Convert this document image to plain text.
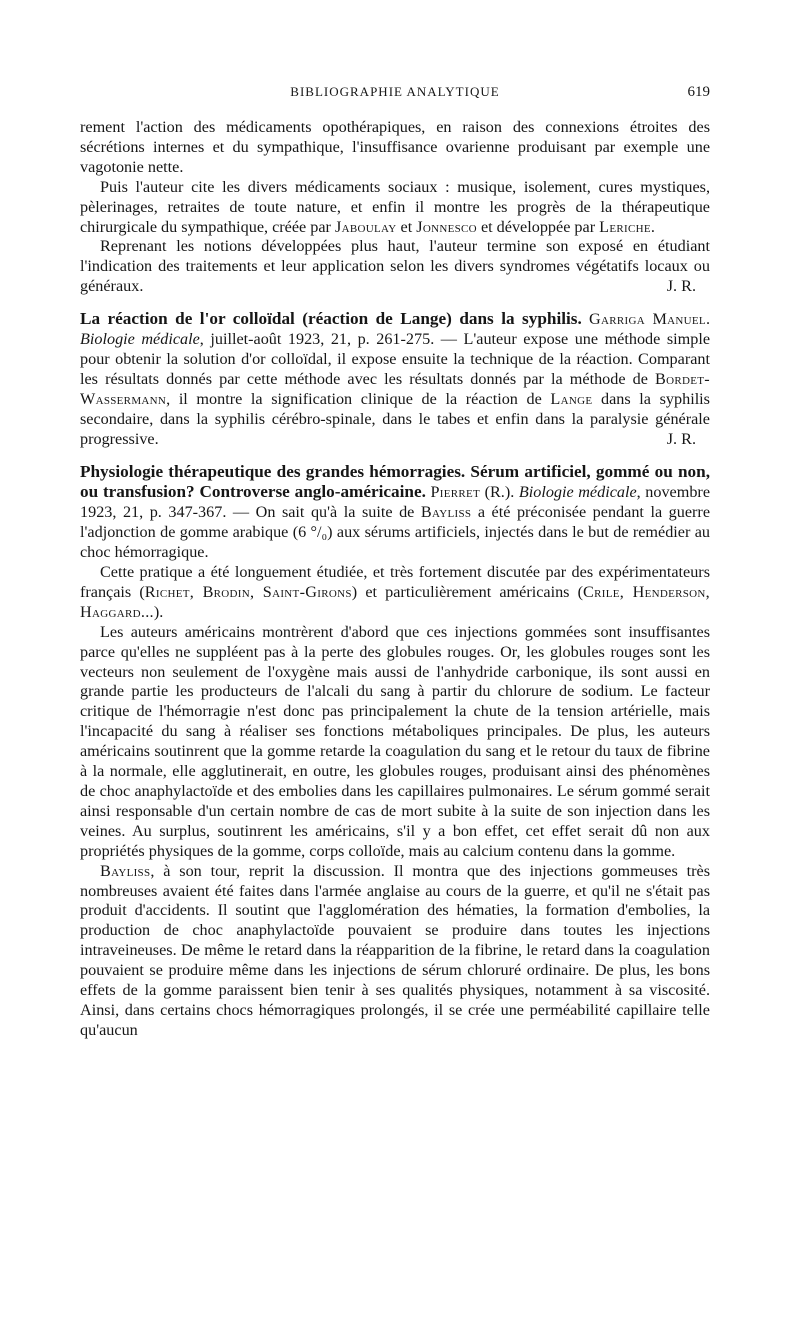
BIBLIOGRAPHIE ANALYTIQUE	619

rement l'action des médicaments opothérapiques, en raison des connexions étroites des sécrétions internes et du sympathique, l'insuffisance ovarienne produisant par exemple une vagotonie nette.

Puis l'auteur cite les divers médicaments sociaux : musique, isolement, cures mystiques, pèlerinages, retraites de toute nature, et enfin il montre les progrès de la thérapeutique chirurgicale du sympathique, créée par Jaboulay et Jonnesco et développée par Leriche.

Reprenant les notions développées plus haut, l'auteur termine son exposé en étudiant l'indication des traitements et leur application selon les divers syndromes végétatifs locaux ou généraux.	J. R.

La réaction de l'or colloïdal (réaction de Lange) dans la syphilis. Garriga Manuel. Biologie médicale, juillet-août 1923, 21, p. 261-275. — L'auteur expose une méthode simple pour obtenir la solution d'or colloïdal, il expose ensuite la technique de la réaction. Comparant les résultats donnés par cette méthode avec les résultats donnés par la méthode de Bordet-Wassermann, il montre la signification clinique de la réaction de Lange dans la syphilis secondaire, dans la syphilis cérébro-spinale, dans le tabes et enfin dans la paralysie générale progressive.	J. R.

Physiologie thérapeutique des grandes hémorragies. Sérum artificiel, gommé ou non, ou transfusion? Controverse anglo-américaine. Pierret (R.). Biologie médicale, novembre 1923, 21, p. 347-367. — On sait qu'à la suite de Bayliss a été préconisée pendant la guerre l'adjonction de gomme arabique (6 °/₀) aux sérums artificiels, injectés dans le but de remédier au choc hémorragique.

Cette pratique a été longuement étudiée, et très fortement discutée par des expérimentateurs français (Richet, Brodin, Saint-Girons) et particulièrement américains (Crile, Henderson, Haggard...).

Les auteurs américains montrèrent d'abord que ces injections gommées sont insuffisantes parce qu'elles ne suppléent pas à la perte des globules rouges. Or, les globules rouges sont les vecteurs non seulement de l'oxygène mais aussi de l'anhydride carbonique, ils sont aussi en grande partie les producteurs de l'alcali du sang à partir du chlorure de sodium. Le facteur critique de l'hémorragie n'est donc pas principalement la chute de la tension artérielle, mais l'incapacité du sang à réaliser ses fonctions métaboliques principales. De plus, les auteurs américains soutinrent que la gomme retarde la coagulation du sang et le retour du taux de fibrine à la normale, elle agglutinerait, en outre, les globules rouges, produisant ainsi des phénomènes de choc anaphylactoïde et des embolies dans les capillaires pulmonaires. Le sérum gommé serait ainsi responsable d'un certain nombre de cas de mort subite à la suite de son injection dans les veines. Au surplus, soutinrent les américains, s'il y a bon effet, cet effet serait dû non aux propriétés physiques de la gomme, corps colloïde, mais au calcium contenu dans la gomme.

Bayliss, à son tour, reprit la discussion. Il montra que des injections gommeuses très nombreuses avaient été faites dans l'armée anglaise au cours de la guerre, et qu'il ne s'était pas produit d'accidents. Il soutint que l'agglomération des hématies, la formation d'embolies, la production de choc anaphylactoïde pouvaient se produire dans toutes les injections intraveineuses. De même le retard dans la réapparition de la fibrine, le retard dans la coagulation pouvaient se produire même dans les injections de sérum chloruré ordinaire. De plus, les bons effets de la gomme paraissent bien tenir à ses qualités physiques, notamment à sa viscosité. Ainsi, dans certains chocs hémorragiques prolongés, il se crée une perméabilité capillaire telle qu'aucun
